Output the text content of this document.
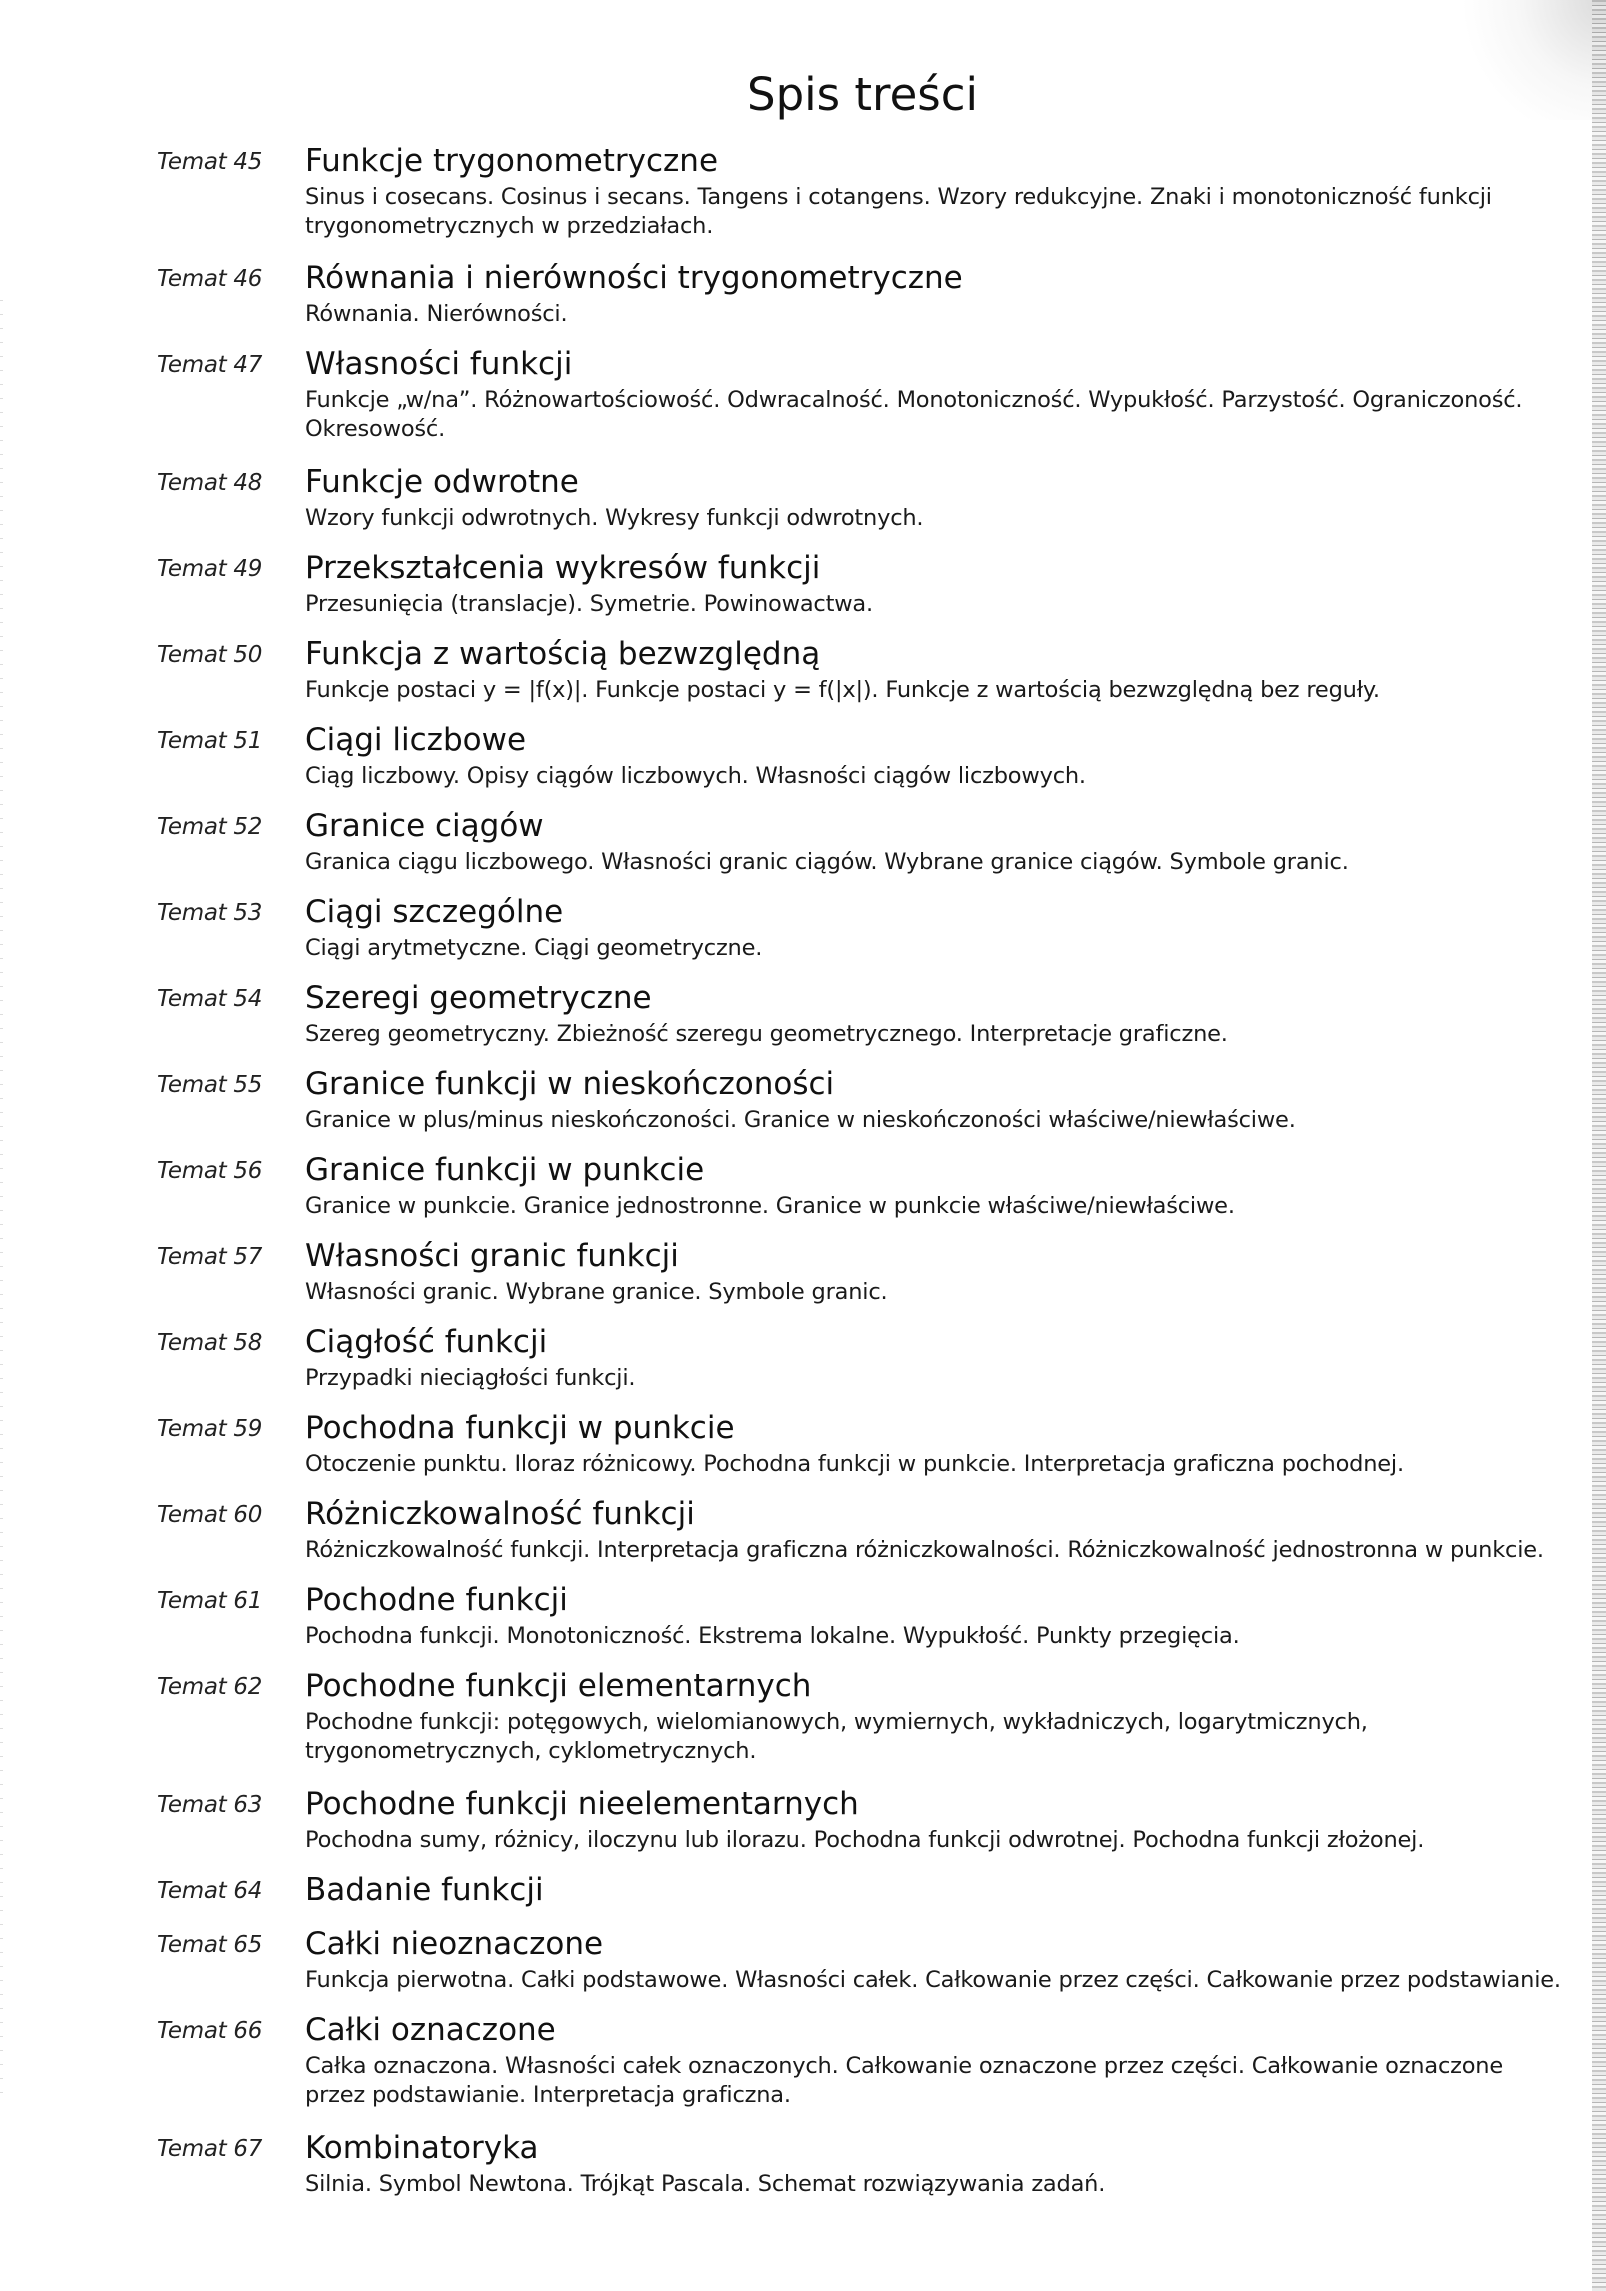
Spis treści
Temat 45 Funkcje trygonometryczne
Sinus i cosecans. Cosinus i secans. Tangens i cotangens. Wzory redukcyjne. Znaki i monotoniczność funkcji trygonometrycznych w przedziałach.
Temat 46 Równania i nierówności trygonometryczne
Równania. Nierówności.
Temat 47 Własności funkcji
Funkcje „w/na”. Różnowartościowość. Odwracalność. Monotoniczność. Wypukłość. Parzystość. Ograniczoność. Okresowość.
Temat 48 Funkcje odwrotne
Wzory funkcji odwrotnych. Wykresy funkcji odwrotnych.
Temat 49 Przekształcenia wykresów funkcji
Przesunięcia (translacje). Symetrie. Powinowactwa.
Temat 50 Funkcja z wartością bezwzględną
Funkcje postaci y = |f(x)|. Funkcje postaci y = f(|x|). Funkcje z wartością bezwzględną bez reguły.
Temat 51 Ciągi liczbowe
Ciąg liczbowy. Opisy ciągów liczbowych. Własności ciągów liczbowych.
Temat 52 Granice ciągów
Granica ciągu liczbowego. Własności granic ciągów. Wybrane granice ciągów. Symbole granic.
Temat 53 Ciągi szczególne
Ciągi arytmetyczne. Ciągi geometryczne.
Temat 54 Szeregi geometryczne
Szereg geometryczny. Zbieżność szeregu geometrycznego. Interpretacje graficzne.
Temat 55 Granice funkcji w nieskończoności
Granice w plus/minus nieskończoności. Granice w nieskończoności właściwe/niewłaściwe.
Temat 56 Granice funkcji w punkcie
Granice w punkcie. Granice jednostronne. Granice w punkcie właściwe/niewłaściwe.
Temat 57 Własności granic funkcji
Własności granic. Wybrane granice. Symbole granic.
Temat 58 Ciągłość funkcji
Przypadki nieciągłości funkcji.
Temat 59 Pochodna funkcji w punkcie
Otoczenie punktu. Iloraz różnicowy. Pochodna funkcji w punkcie. Interpretacja graficzna pochodnej.
Temat 60 Różniczkowalność funkcji
Różniczkowalność funkcji. Interpretacja graficzna różniczkowalności. Różniczkowalność jednostronna w punkcie.
Temat 61 Pochodne funkcji
Pochodna funkcji. Monotoniczność. Ekstrema lokalne. Wypukłość. Punkty przegięcia.
Temat 62 Pochodne funkcji elementarnych
Pochodne funkcji: potęgowych, wielomianowych, wymiernych, wykładniczych, logarytmicznych, trygonometrycznych, cyklometrycznych.
Temat 63 Pochodne funkcji nieelementarnych
Pochodna sumy, różnicy, iloczynu lub ilorazu. Pochodna funkcji odwrotnej. Pochodna funkcji złożonej.
Temat 64 Badanie funkcji
Temat 65 Całki nieoznaczone
Funkcja pierwotna. Całki podstawowe. Własności całek. Całkowanie przez części. Całkowanie przez podstawianie.
Temat 66 Całki oznaczone
Całka oznaczona. Własności całek oznaczonych. Całkowanie oznaczone przez części. Całkowanie oznaczone przez podstawianie. Interpretacja graficzna.
Temat 67 Kombinatoryka
Silnia. Symbol Newtona. Trójkąt Pascala. Schemat rozwiązywania zadań.
